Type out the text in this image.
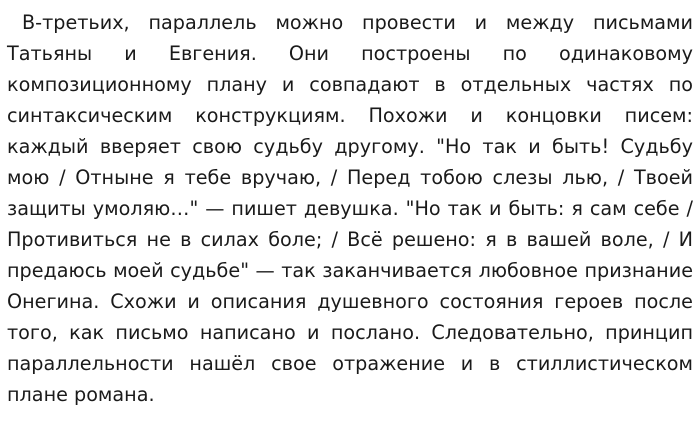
В-третьих, параллель можно провести и между письмами Татьяны и Евгения. Они построены по одинаковому композиционному плану и совпадают в отдельных частях по синтаксическим конструкциям. Похожи и концовки писем: каждый вверяет свою судьбу другому. "Но так и быть! Судьбу мою / Отныне я тебе вручаю, / Перед тобою слезы лью, / Твоей защиты умоляю…" — пишет девушка. "Но так и быть: я сам себе / Противиться не в силах боле; / Всё решено: я в вашей воле, / И предаюсь моей судьбе" — так заканчивается любовное признание Онегина. Схожи и описания душевного состояния героев после того, как письмо написано и послано. Следовательно, принцип параллельности нашёл свое отражение и в стиллистическом плане романа.
